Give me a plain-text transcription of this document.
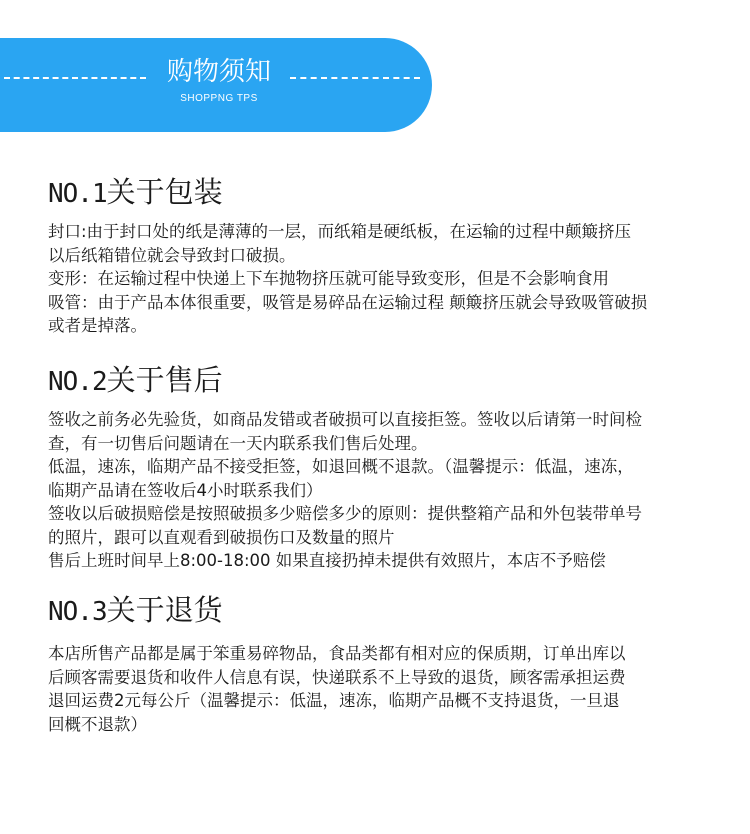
购物须知
SHOPPNG TPS
NO.1关于包装

封口:由于封口处的纸是薄薄的一层，而纸箱是硬纸板，在运输的过程中颠簸挤压
以后纸箱错位就会导致封口破损。

变形：在运输过程中快递上下车抛物挤压就可能导致变形，但是不会影响食用

吸管：由于产品本体很重要，吸管是易碎品在运输过程 颠簸挤压就会导致吸管破损
或者是掉落。

NO.2关于售后

签收之前务必先验货，如商品发错或者破损可以直接拒签。签收以后请第一时间检
查，有一切售后问题请在一天内联系我们售后处理。

低温，速冻，临期产品不接受拒签，如退回概不退款。（温馨提示：低温，速冻，
临期产品请在签收后4小时联系我们）

签收以后破损赔偿是按照破损多少赔偿多少的原则：提供整箱产品和外包装带单号
的照片，跟可以直观看到破损伤口及数量的照片

售后上班时间早上8:00-18:00 如果直接扔掉未提供有效照片，本店不予赔偿

NO.3关于退货

本店所售产品都是属于笨重易碎物品，食品类都有相对应的保质期，订单出库以
后顾客需要退货和收件人信息有误，快递联系不上导致的退货，顾客需承担运费
退回运费2元每公斤（温馨提示：低温，速冻，临期产品概不支持退货，一旦退
回概不退款）
